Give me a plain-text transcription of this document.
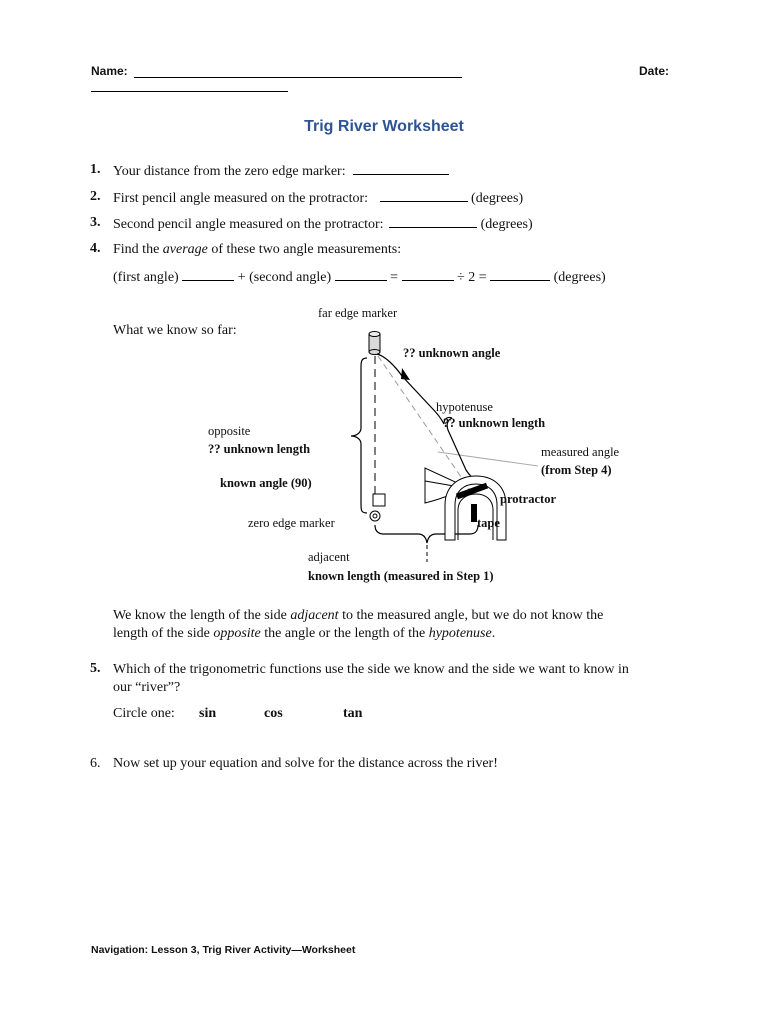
Name:	Date:
Trig River Worksheet
1. Your distance from the zero edge marker:
2. First pencil angle measured on the protractor:	(degrees)
3. Second pencil angle measured on the protractor:	(degrees)
4. Find the average of these two angle measurements:
(first angle)	+ (second angle)	=	÷ 2 =	(degrees)
What we know so far:
far edge marker
?? unknown angle
hypotenuse
?? unknown length
opposite
?? unknown length	measured angle
(from Step 4)
known angle (90)
protractor
zero edge marker	tape
adjacent
known length (measured in Step 1)
We know the length of the side adjacent to the measured angle, but we do not know the
length of the side opposite the angle or the length of the hypotenuse.
5. Which of the trigonometric functions use the side we know and the side we want to know in
our “river”?
Circle one: sin	cos	tan
6. Now set up your equation and solve for the distance across the river!
Navigation: Lesson 3, Trig River Activity—Worksheet
